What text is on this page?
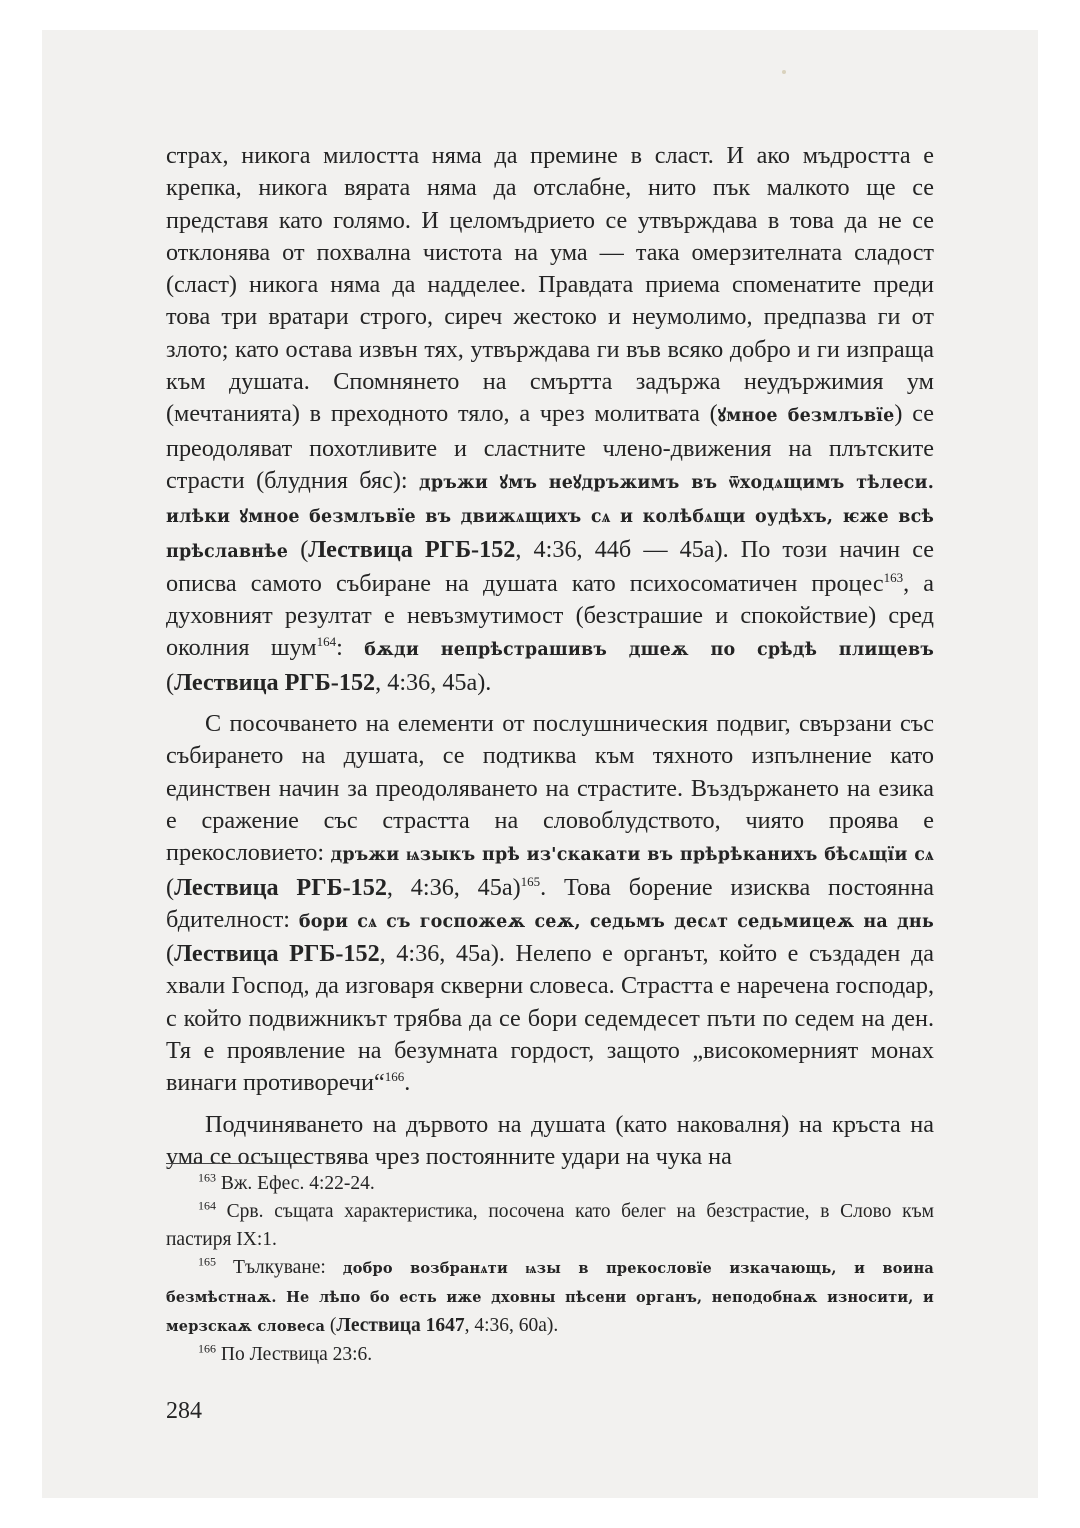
страх, никога милостта няма да премине в сласт. И ако мъдростта е крепка, никога вярата няма да отслабне, нито пък малкото ще се представя като голямо. И целомъдрието се утвърждава в това да не се отклонява от похвална чистота на ума — така омерзителната сладост (сласт) никога няма да надделее. Правдата приема споменатите преди това три вратари строго, сиреч жестоко и неумолимо, предпазва ги от злото; като остава извън тях, утвърждава ги във всяко добро и ги изпраща към душата. Спомнянето на смъртта задържа неудържимия ум (мечтанията) в преходното тяло, а чрез молитвата (ꙋмное безмлъвїе) се преодоляват похотливите и сластните члено-движения на плътските страсти (блудния бяс): дръжи ꙋмъ неꙋдръжимъ въ ѿходѧщимъ тѣлеси. илѣки ꙋмное безмлъвїе въ движѧщихъ сѧ и колѣбѧщи оудѣхъ, ѥже всѣ прѣславнѣе (Лествица РГБ-152, 4:36, 44б — 45а). По този начин се описва самото събиране на душата като психосоматичен процес$^{163}$, а духовният резултат е невъзмутимост (безстрашие и спокойствие) сред околния шум$^{164}$: бѫди непрѣстрашивъ дшеѫ по срѣдѣ плищевъ (Лествица РГБ-152, 4:36, 45а).

С посочването на елементи от послушническия подвиг, свързани със събирането на душата, се подтиква към тяхното изпълнение като единствен начин за преодоляването на страстите. Въздържането на езика е сражение със страстта на словоблудството, чиято проява е прекословието: дръжи ѩзыкъ прѣ из'скакати въ прѣрѣканихъ бѣсѧщїи сѧ (Лествица РГБ-152, 4:36, 45а)$^{165}$. Това борение изисква постоянна бдителност: бори сѧ съ госпожеѫ сеѫ, седьмъ десѧт седьмицеѫ на днь (Лествица РГБ-152, 4:36, 45а). Нелепо е органът, който е създаден да хвали Господ, да изговаря скверни словеса. Страстта е наречена господар, с който подвижникът трябва да се бори седемдесет пъти по седем на ден. Тя е проявление на безумната гордост, защото „високомерният монах винаги противоречи“$^{166}$.

Подчиняването на дървото на душата (като наковалня) на кръста на ума се осъществява чрез постоянните удари на чука на

$^{163}$ Вж. Ефес. 4:22-24.

$^{164}$ Срв. същата характеристика, посочена като белег на безстрастие, в Слово към пастиря IX:1.

$^{165}$ Тълкуване: добро возбранѧти ѩзы в прекословїе изкачающь, и воина безмѣстнаѫ. Не лѣпо бо есть иже дховны пѣсени органъ, неподобнаѫ износити, и мерзскаѫ словеса (Лествица 1647, 4:36, 60а).

$^{166}$ По Лествица 23:6.

284
